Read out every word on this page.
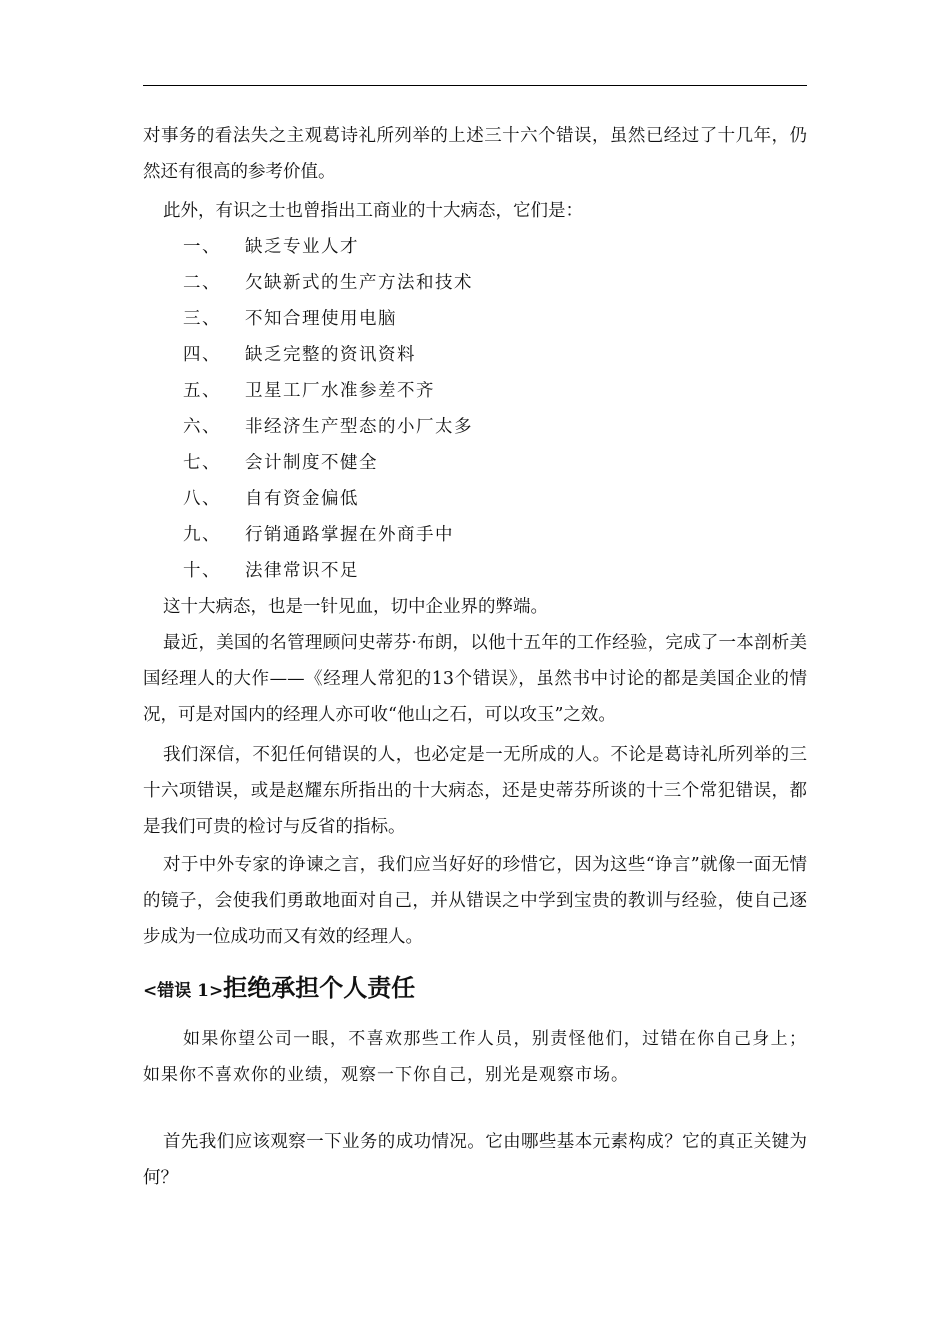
对事务的看法失之主观葛诗礼所列举的上述三十六个错误，虽然已经过了十几年，仍然还有很高的参考价值。

此外，有识之士也曾指出工商业的十大病态，它们是：

一、	缺乏专业人才
二、	欠缺新式的生产方法和技术
三、	不知合理使用电脑
四、	缺乏完整的资讯资料
五、	卫星工厂水准参差不齐
六、	非经济生产型态的小厂太多
七、	会计制度不健全
八、	自有资金偏低
九、	行销通路掌握在外商手中
十、	法律常识不足

这十大病态，也是一针见血，切中企业界的弊端。

最近，美国的名管理顾问史蒂芬·布朗，以他十五年的工作经验，完成了一本剖析美国经理人的大作——《经理人常犯的13个错误》，虽然书中讨论的都是美国企业的情况，可是对国内的经理人亦可收“他山之石，可以攻玉”之效。

我们深信，不犯任何错误的人，也必定是一无所成的人。不论是葛诗礼所列举的三十六项错误，或是赵耀东所指出的十大病态，还是史蒂芬所谈的十三个常犯错误，都是我们可贵的检讨与反省的指标。

对于中外专家的诤谏之言，我们应当好好的珍惜它，因为这些“诤言”就像一面无情的镜子，会使我们勇敢地面对自己，并从错误之中学到宝贵的教训与经验，使自己逐步成为一位成功而又有效的经理人。

<错误 1>拒绝承担个人责任

如果你望公司一眼，不喜欢那些工作人员，别责怪他们，过错在你自己身上；如果你不喜欢你的业绩，观察一下你自己，别光是观察市场。

首先我们应该观察一下业务的成功情况。它由哪些基本元素构成？它的真正关键为何？
